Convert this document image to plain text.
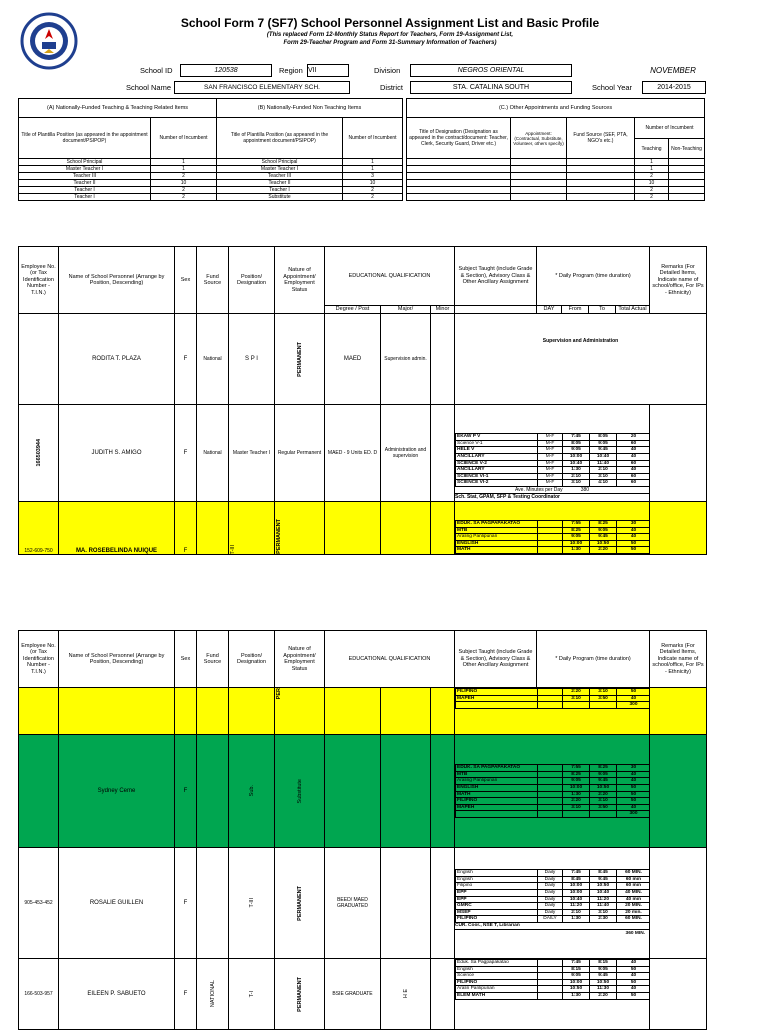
School Form 7 (SF7) School Personnel Assignment List and Basic Profile
(This replaced Form 12-Monthly Status Report for Teachers, Form 19-Assignment List,
Form 29-Teacher Program and Form 31-Summary Information of Teachers)
School ID	120538	Region VII	Division	NEGROS ORIENTAL	NOVEMBER
School Name	SAN FRANCISCO ELEMENTARY SCH.	District	STA. CATALINA SOUTH	School Year	2014-2015
(A) Nationally-Funded Teaching & Teaching Related Items	
Title of Plantilla Position (as appeared in the appointment document/PSIPOP)	Number of Incumbent
School Principal	1
Master Teacher I	1
Teacher III	2
Teacher II	10
Teacher I	2
Teacher I	2
(B) Nationally-Funded Non Teaching Items	
Title of Plantilla Position (as appeared in the appointment document/PSIPOP)	Number of Incumbent
School Principal	1
Master Teacher I	1
Teacher III	3
Teacher II	10
Teacher I	2
Substitute	2
(C.) Other Appointments and Funding Sources				
Title of Designation (Designation as appeared in the contract/document: Teacher, Clerk, Security Guard, Driver etc.)	Appointment: (Contractual, Substitute, Volunteer, others specify)	Fund Source (SEF, PTA, NGO's etc.)	Number of Incumbent	
			Teaching	Non-Teaching
			1	
			1	
			2	
			10	
			2	
			2	
Employee No. (or Tax Identification Number - T.I.N.)	Name of School Personnel (Arrange by Position, Descending)	Sex	Fund Source	Position/ Designation	Nature of Appointment/ Employment Status	EDUCATIONAL QUALIFICATION	Subject Taught (include Grade & Section), Advisory Class & Other Ancillary Assignment	* Daily Program (time duration)	Remarks (For Detailed Items, Indicate name of school/office, For IPs - Ethnicity)
Degree / Post	Major/	Minor		DAY	From	To	Total Actual
	RODITA T. PLAZA	F	National	S P I	PERMANENT	MAED	Supervision admin.		Supervision and Administration

166503944	JUDITH S. AMIGO	F	National	Master Teacher I	Regular Permanent	MAED - 9 Units ED. D	Administration and supervision		
EKAW P V	M-F	7:45	8:05	20
Science V-1	M-F	8:05	9:05	60
HELE V	M-F	9:05	9:45	40
ANCILLARY	M-F	10:00	10:40	40
SCIENCE V-2	M-F	10:40	11:40	60
ANCILLARY	M-F	1:30	2:10	40
SCIENCE VI-1	M-F	2:10	3:10	60
SCIENCE VI-2	M-F	3:10	4:10	60
Ave. Minutes per Day	380
Sch. Stat, GPAM, SFP & Testing Coordinator

152-609-750	MA. ROSEBELINDA NUIQUE	F		T-III	PERMANENT
					EDUK. SA PAGPAPAKATAO		7:55	8:25	30
MTB		8:25	9:05	40
Araling Panlipunan		9:05	9:45	40
ENGLISH		10:00	10:50	50
MATH		1:30	2:20	50

Employee No. (or Tax Identification Number - T.I.N.)	Name of School Personnel (Arrange by Position, Descending)	Sex	Fund Source	Position/ Designation	Nature of Appointment/ Employment Status	EDUCATIONAL QUALIFICATION	Subject Taught (include Grade & Section), Advisory Class & Other Ancillary Assignment	* Daily Program (time duration)	Remarks (For Detailed Items, Indicate name of school/office, For IPs - Ethnicity)

PER
					FILIPINO		2:20	3:10	50
MAPEH		3:10	3:50	40
				300

	Sydney Ceme	F		Sub.	Substitute

EDUK. SA PAGPAPAKATAO		7:55	8:25	30
MTB		8:25	9:05	40
Araling Panlipunan		9:05	9:45	40
ENGLISH		10:00	10:50	50
MATH		1:30	2:20	50
FILIPINO		2:20	3:10	50
MAPEH		3:10	3:50	40
				300

905-453-452	ROSALIE GUILLEN	F		T-III	PERMANENT	BEED/ MAED GRADUATED			
English	Daily	7:45	8:45	60 MIN.
English	Daily	8:45	9:45	60 min
Filipino	Daily	10:00	10:50	60 min
EPP	Daily	10:00	10:40	40 MIN.
EPP	Daily	10:40	11:20	40 min
GMRC	Daily	11:20	11:40	20 MIN.
MSEP	Daily	2:10	3:10	20 min.
FILIPINO	DAILY	1:30	2:30	60 MIN.
CUR. Coor., NSE T, Librarian
360 MIN.

166-503-957	EILEEN P. SABUETO	F	NATIONAL	T-I	PERMANENT	BSIE GRADUATE	H E

Eduk. Sa Pagpapakatao		7:45	8:15	40
English		8:15	9:05	50
Science		9:05	9:45	40
FILIPINO		10:00	10:50	50
Aralin Panlipunan		10:50	11:30	40
ELEM MATH		1:30	2:20	50
